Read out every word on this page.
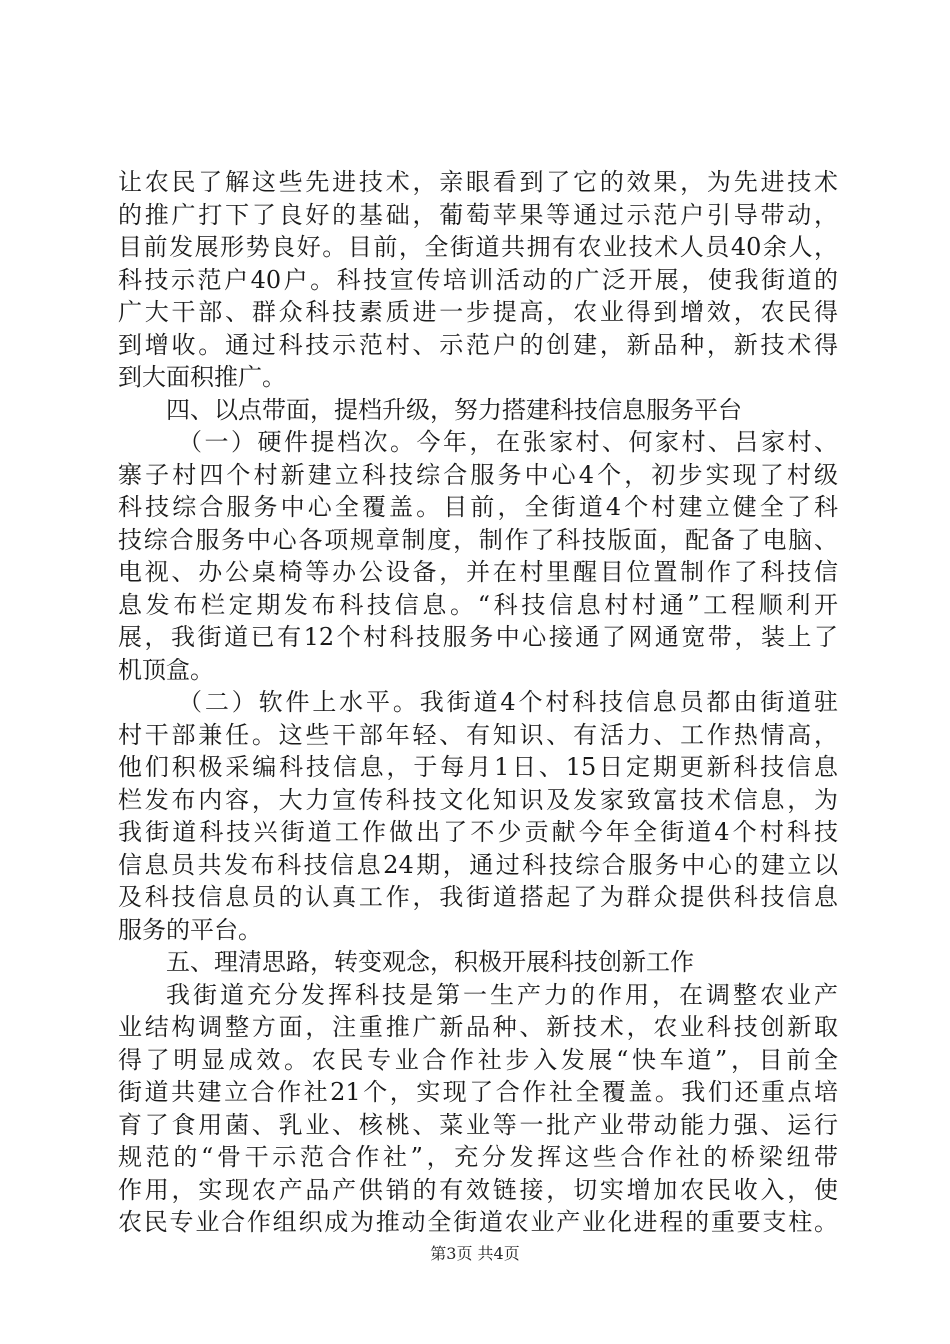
让农民了解这些先进技术，亲眼看到了它的效果，为先进技术
的推广打下了良好的基础，葡萄苹果等通过示范户引导带动，
目前发展形势良好。目前，全街道共拥有农业技术人员40余人，
科技示范户40户。科技宣传培训活动的广泛开展，使我街道的
广大干部、群众科技素质进一步提高，农业得到增效，农民得
到增收。通过科技示范村、示范户的创建，新品种，新技术得
到大面积推广。
四、以点带面，提档升级，努力搭建科技信息服务平台
（一）硬件提档次。今年，在张家村、何家村、吕家村、
寨子村四个村新建立科技综合服务中心4个，初步实现了村级
科技综合服务中心全覆盖。目前，全街道4个村建立健全了科
技综合服务中心各项规章制度，制作了科技版面，配备了电脑、
电视、办公桌椅等办公设备，并在村里醒目位置制作了科技信
息发布栏定期发布科技信息。“科技信息村村通”工程顺利开
展，我街道已有12个村科技服务中心接通了网通宽带，装上了
机顶盒。
（二）软件上水平。我街道4个村科技信息员都由街道驻
村干部兼任。这些干部年轻、有知识、有活力、工作热情高，
他们积极采编科技信息，于每月1日、15日定期更新科技信息
栏发布内容，大力宣传科技文化知识及发家致富技术信息，为
我街道科技兴街道工作做出了不少贡献今年全街道4个村科技
信息员共发布科技信息24期，通过科技综合服务中心的建立以
及科技信息员的认真工作，我街道搭起了为群众提供科技信息
服务的平台。
五、理清思路，转变观念，积极开展科技创新工作
我街道充分发挥科技是第一生产力的作用，在调整农业产
业结构调整方面，注重推广新品种、新技术，农业科技创新取
得了明显成效。农民专业合作社步入发展“快车道”，目前全
街道共建立合作社21个，实现了合作社全覆盖。我们还重点培
育了食用菌、乳业、核桃、菜业等一批产业带动能力强、运行
规范的“骨干示范合作社”，充分发挥这些合作社的桥梁纽带
作用，实现农产品产供销的有效链接，切实增加农民收入，使
农民专业合作组织成为推动全街道农业产业化进程的重要支柱。
第3页 共4页
